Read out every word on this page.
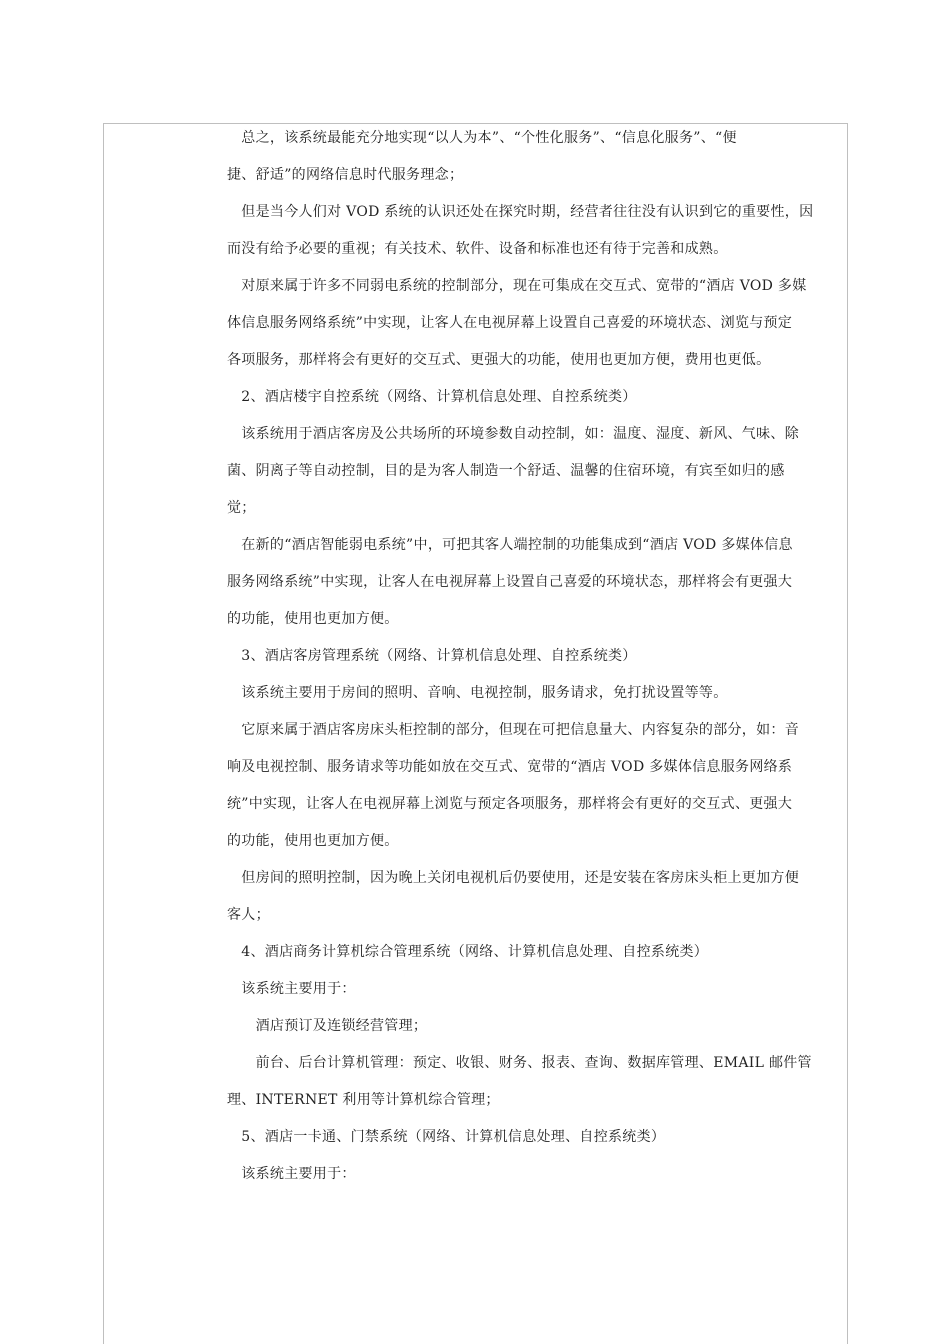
　总之，该系统最能充分地实现“以人为本”、“个性化服务”、“信息化服务”、“便

捷、舒适”的网络信息时代服务理念；

　但是当今人们对 VOD 系统的认识还处在探究时期，经营者往往没有认识到它的重要性，因

而没有给予必要的重视；有关技术、软件、设备和标准也还有待于完善和成熟。

　对原来属于许多不同弱电系统的控制部分，现在可集成在交互式、宽带的“酒店 VOD 多媒

体信息服务网络系统”中实现，让客人在电视屏幕上设置自己喜爱的环境状态、浏览与预定

各项服务，那样将会有更好的交互式、更强大的功能，使用也更加方便，费用也更低。

　2、酒店楼宇自控系统（网络、计算机信息处理、自控系统类）

　该系统用于酒店客房及公共场所的环境参数自动控制，如：温度、湿度、新风、气味、除

菌、阴离子等自动控制，目的是为客人制造一个舒适、温馨的住宿环境，有宾至如归的感

觉；

　在新的“酒店智能弱电系统”中，可把其客人端控制的功能集成到“酒店 VOD 多媒体信息

服务网络系统”中实现，让客人在电视屏幕上设置自己喜爱的环境状态，那样将会有更强大

的功能，使用也更加方便。

　3、酒店客房管理系统（网络、计算机信息处理、自控系统类）

　该系统主要用于房间的照明、音响、电视控制，服务请求，免打扰设置等等。

　它原来属于酒店客房床头柜控制的部分，但现在可把信息量大、内容复杂的部分，如：音

响及电视控制、服务请求等功能如放在交互式、宽带的“酒店 VOD 多媒体信息服务网络系

统”中实现，让客人在电视屏幕上浏览与预定各项服务，那样将会有更好的交互式、更强大

的功能，使用也更加方便。

　但房间的照明控制，因为晚上关闭电视机后仍要使用，还是安装在客房床头柜上更加方便

客人；

　4、酒店商务计算机综合管理系统（网络、计算机信息处理、自控系统类）

　该系统主要用于：

　　酒店预订及连锁经营管理；

　　前台、后台计算机管理：预定、收银、财务、报表、查询、数据库管理、EMAIL 邮件管

理、INTERNET 利用等计算机综合管理；

　5、酒店一卡通、门禁系统（网络、计算机信息处理、自控系统类）

　该系统主要用于：
